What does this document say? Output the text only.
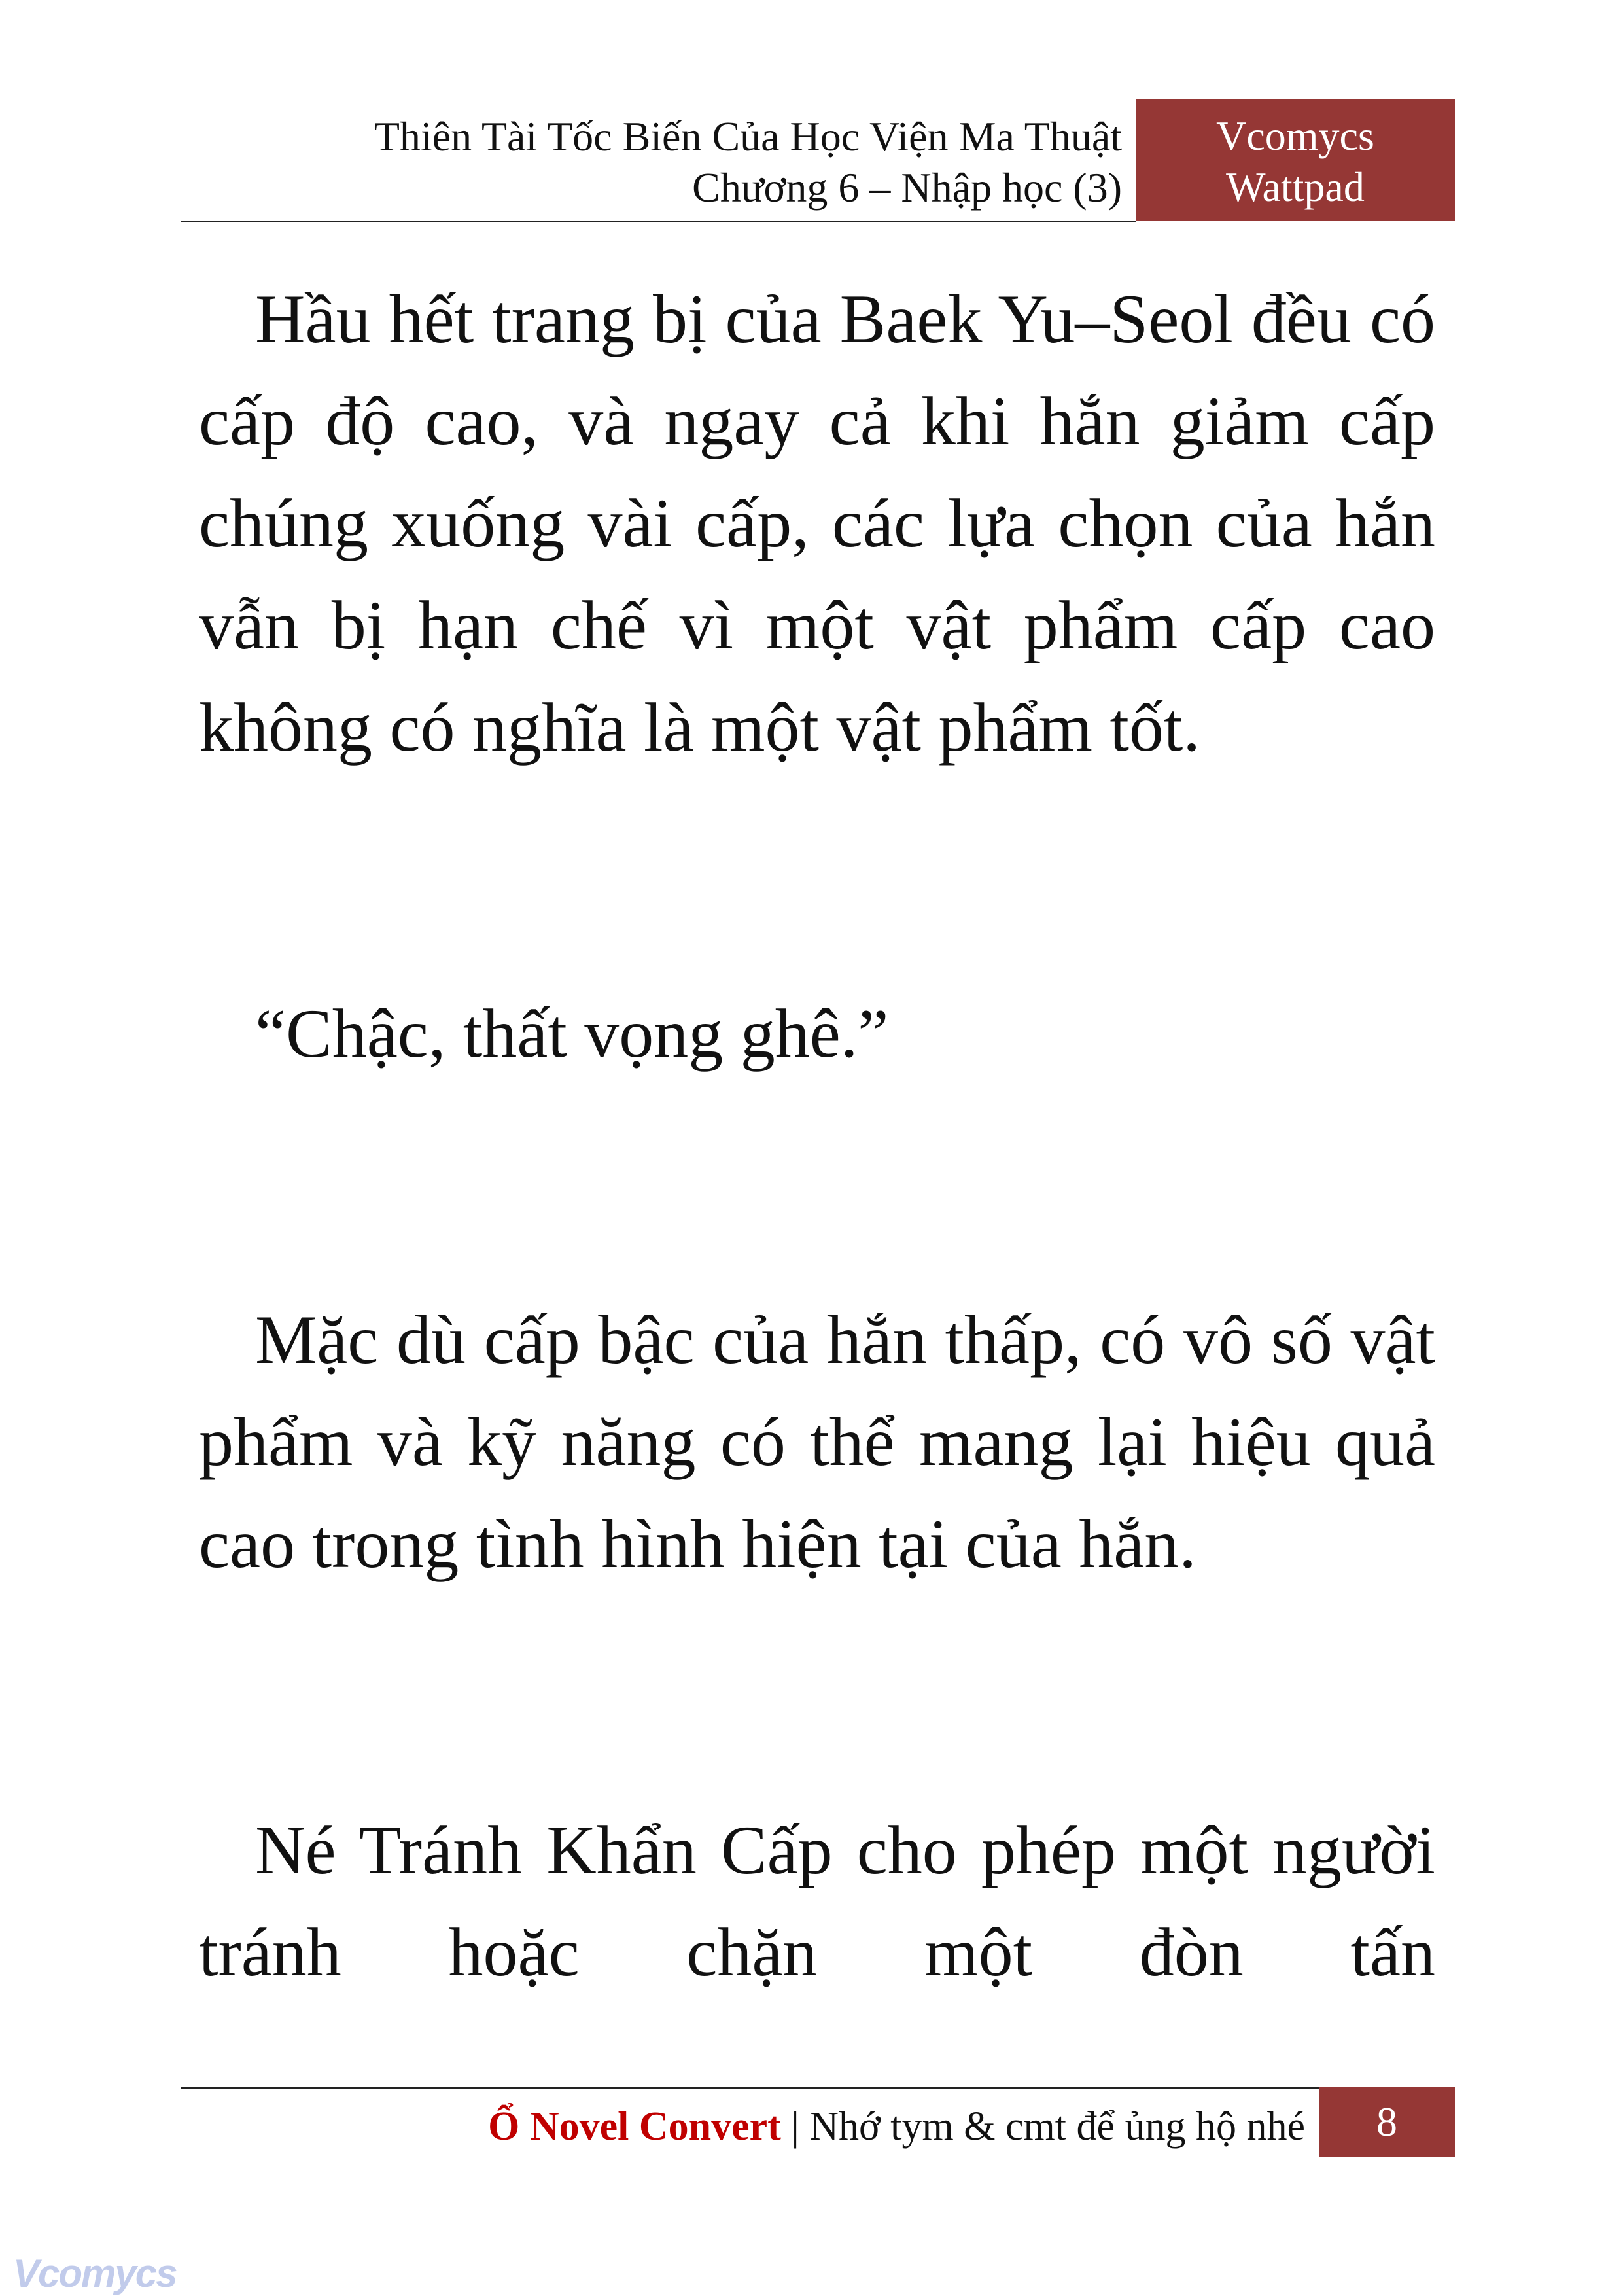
Thiên Tài Tốc Biến Của Học Viện Ma Thuật
Chương 6 – Nhập học (3)
Vcomycs
Wattpad

Hầu hết trang bị của Baek Yu–Seol đều có cấp độ cao, và ngay cả khi hắn giảm cấp chúng xuống vài cấp, các lựa chọn của hắn vẫn bị hạn chế vì một vật phẩm cấp cao không có nghĩa là một vật phẩm tốt.

“Chậc, thất vọng ghê.”

Mặc dù cấp bậc của hắn thấp, có vô số vật phẩm và kỹ năng có thể mang lại hiệu quả cao trong tình hình hiện tại của hắn.

Né Tránh Khẩn Cấp cho phép một người tránh hoặc chặn một đòn tấn

Ổ Novel Convert | Nhớ tym & cmt để ủng hộ nhé	8
Vcomycs
